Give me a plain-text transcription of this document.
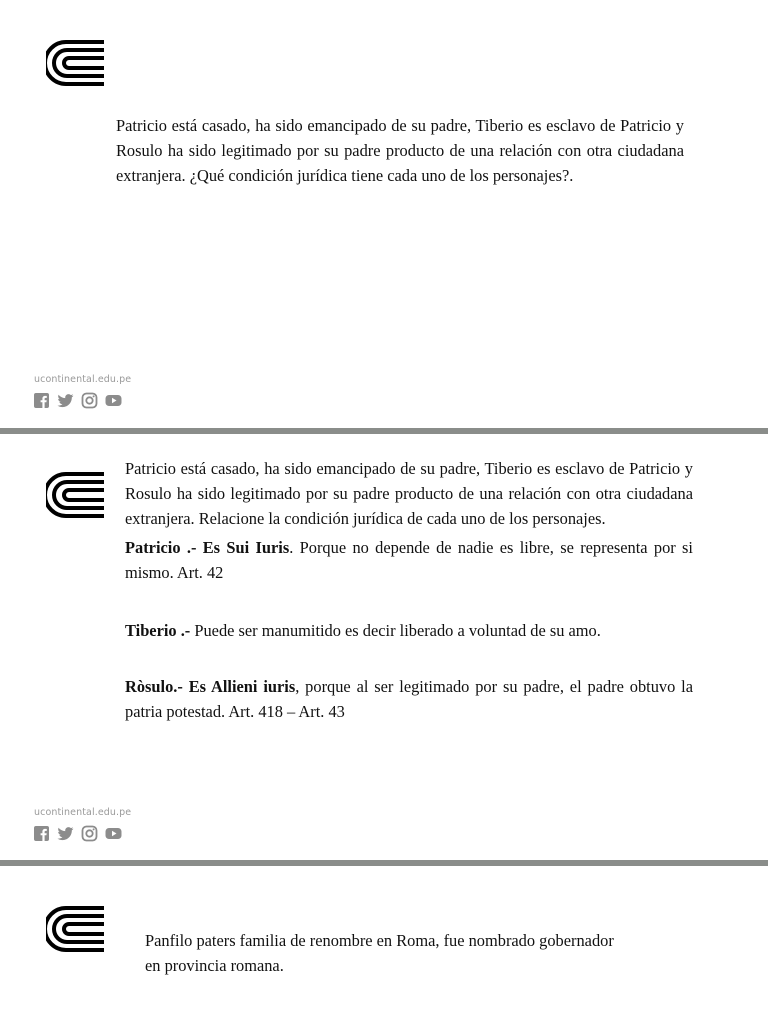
Patricio está casado, ha sido emancipado de su padre, Tiberio es esclavo de Patricio y Rosulo ha sido legitimado por su padre producto de una relación con otra ciudadana extranjera. ¿Qué condición jurídica tiene cada uno de los personajes?.

ucontinental.edu.pe

Patricio está casado, ha sido emancipado de su padre, Tiberio es esclavo de Patricio y Rosulo ha sido legitimado por su padre producto de una relación con otra ciudadana extranjera. Relacione la condición jurídica de cada uno de los personajes.

Patricio .- Es Sui Iuris. Porque no depende de nadie es libre, se representa por si mismo. Art. 42

Tiberio .- Puede ser manumitido es decir liberado a voluntad de su amo.

Ròsulo.- Es Allieni iuris, porque al ser legitimado por su padre, el padre obtuvo la patria potestad. Art. 418 – Art. 43

ucontinental.edu.pe

Panfilo paters familia de renombre en Roma, fue nombrado gobernador en provincia romana.
